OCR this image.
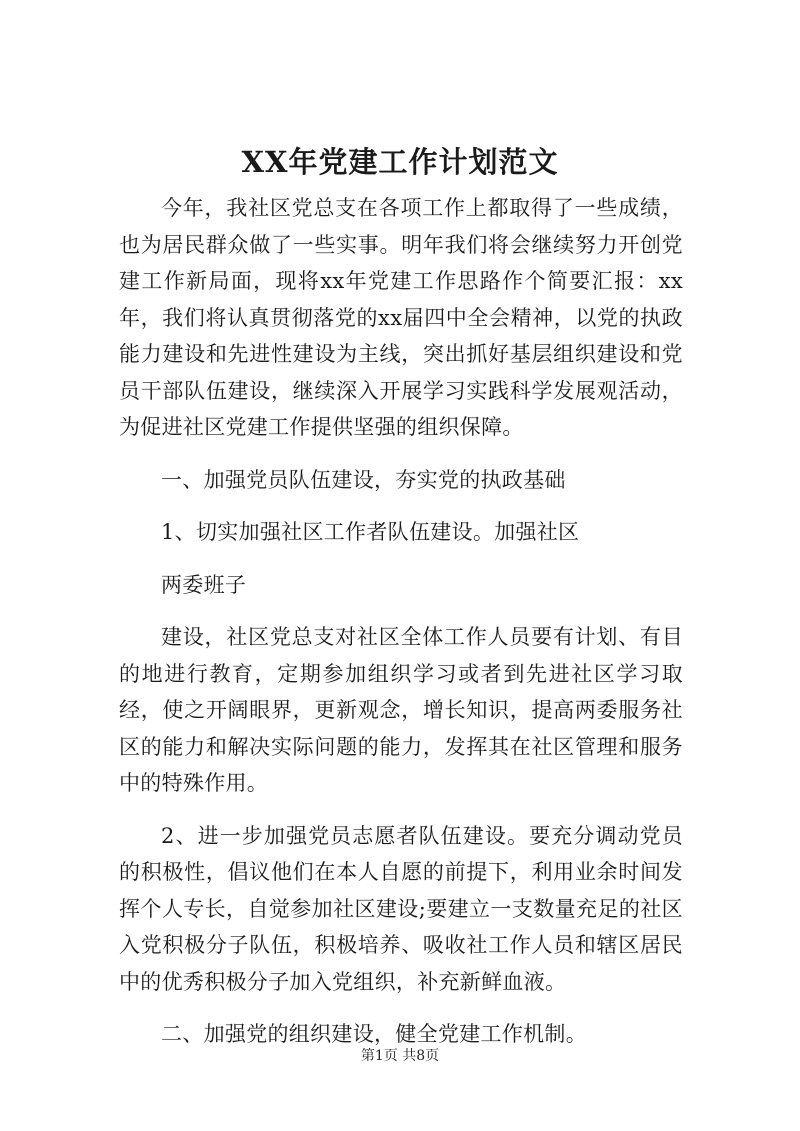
XX年党建工作计划范文

今年，我社区党总支在各项工作上都取得了一些成绩，也为居民群众做了一些实事。明年我们将会继续努力开创党建工作新局面，现将xx年党建工作思路作个简要汇报：xx年，我们将认真贯彻落党的xx届四中全会精神，以党的执政能力建设和先进性建设为主线，突出抓好基层组织建设和党员干部队伍建设，继续深入开展学习实践科学发展观活动，为促进社区党建工作提供坚强的组织保障。

一、加强党员队伍建设，夯实党的执政基础

1、切实加强社区工作者队伍建设。加强社区

两委班子

建设，社区党总支对社区全体工作人员要有计划、有目的地进行教育，定期参加组织学习或者到先进社区学习取经，使之开阔眼界，更新观念，增长知识，提高两委服务社区的能力和解决实际问题的能力，发挥其在社区管理和服务中的特殊作用。

2、进一步加强党员志愿者队伍建设。要充分调动党员的积极性，倡议他们在本人自愿的前提下，利用业余时间发挥个人专长，自觉参加社区建设;要建立一支数量充足的社区入党积极分子队伍，积极培养、吸收社工作人员和辖区居民中的优秀积极分子加入党组织，补充新鲜血液。

二、加强党的组织建设，健全党建工作机制。

第1页 共8页
